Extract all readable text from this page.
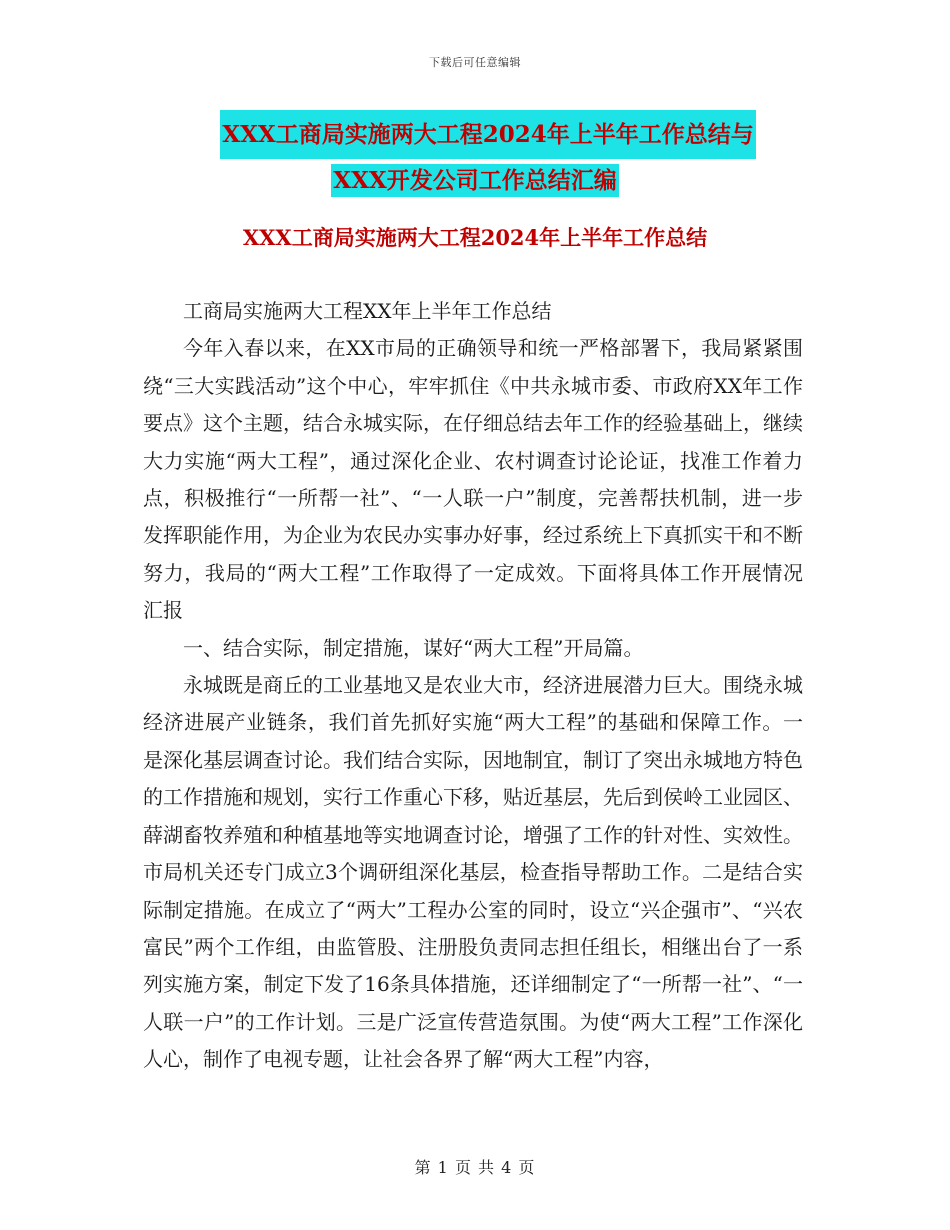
下载后可任意编辑
XXX工商局实施两大工程2024年上半年工作总结与
XXX开发公司工作总结汇编
XXX工商局实施两大工程2024年上半年工作总结

工商局实施两大工程XX年上半年工作总结

今年入春以来，在XX市局的正确领导和统一严格部署下，我局紧紧围绕“三大实践活动”这个中心，牢牢抓住《中共永城市委、市政府XX年工作要点》这个主题，结合永城实际，在仔细总结去年工作的经验基础上，继续大力实施“两大工程”，通过深化企业、农村调查讨论论证，找准工作着力点，积极推行“一所帮一社”、“一人联一户”制度，完善帮扶机制，进一步发挥职能作用，为企业为农民办实事办好事，经过系统上下真抓实干和不断努力，我局的“两大工程”工作取得了一定成效。下面将具体工作开展情况汇报

一、结合实际，制定措施，谋好“两大工程”开局篇。

永城既是商丘的工业基地又是农业大市，经济进展潜力巨大。围绕永城经济进展产业链条，我们首先抓好实施“两大工程”的基础和保障工作。一是深化基层调查讨论。我们结合实际，因地制宜，制订了突出永城地方特色的工作措施和规划，实行工作重心下移，贴近基层，先后到侯岭工业园区、薛湖畜牧养殖和种植基地等实地调查讨论，增强了工作的针对性、实效性。市局机关还专门成立3个调研组深化基层，检查指导帮助工作。二是结合实际制定措施。在成立了“两大”工程办公室的同时，设立“兴企强市”、“兴农富民”两个工作组，由监管股、注册股负责同志担任组长，相继出台了一系列实施方案，制定下发了16条具体措施，还详细制定了“一所帮一社”、“一人联一户”的工作计划。三是广泛宣传营造氛围。为使“两大工程”工作深化人心，制作了电视专题，让社会各界了解“两大工程”内容，

第 1 页 共 4 页
